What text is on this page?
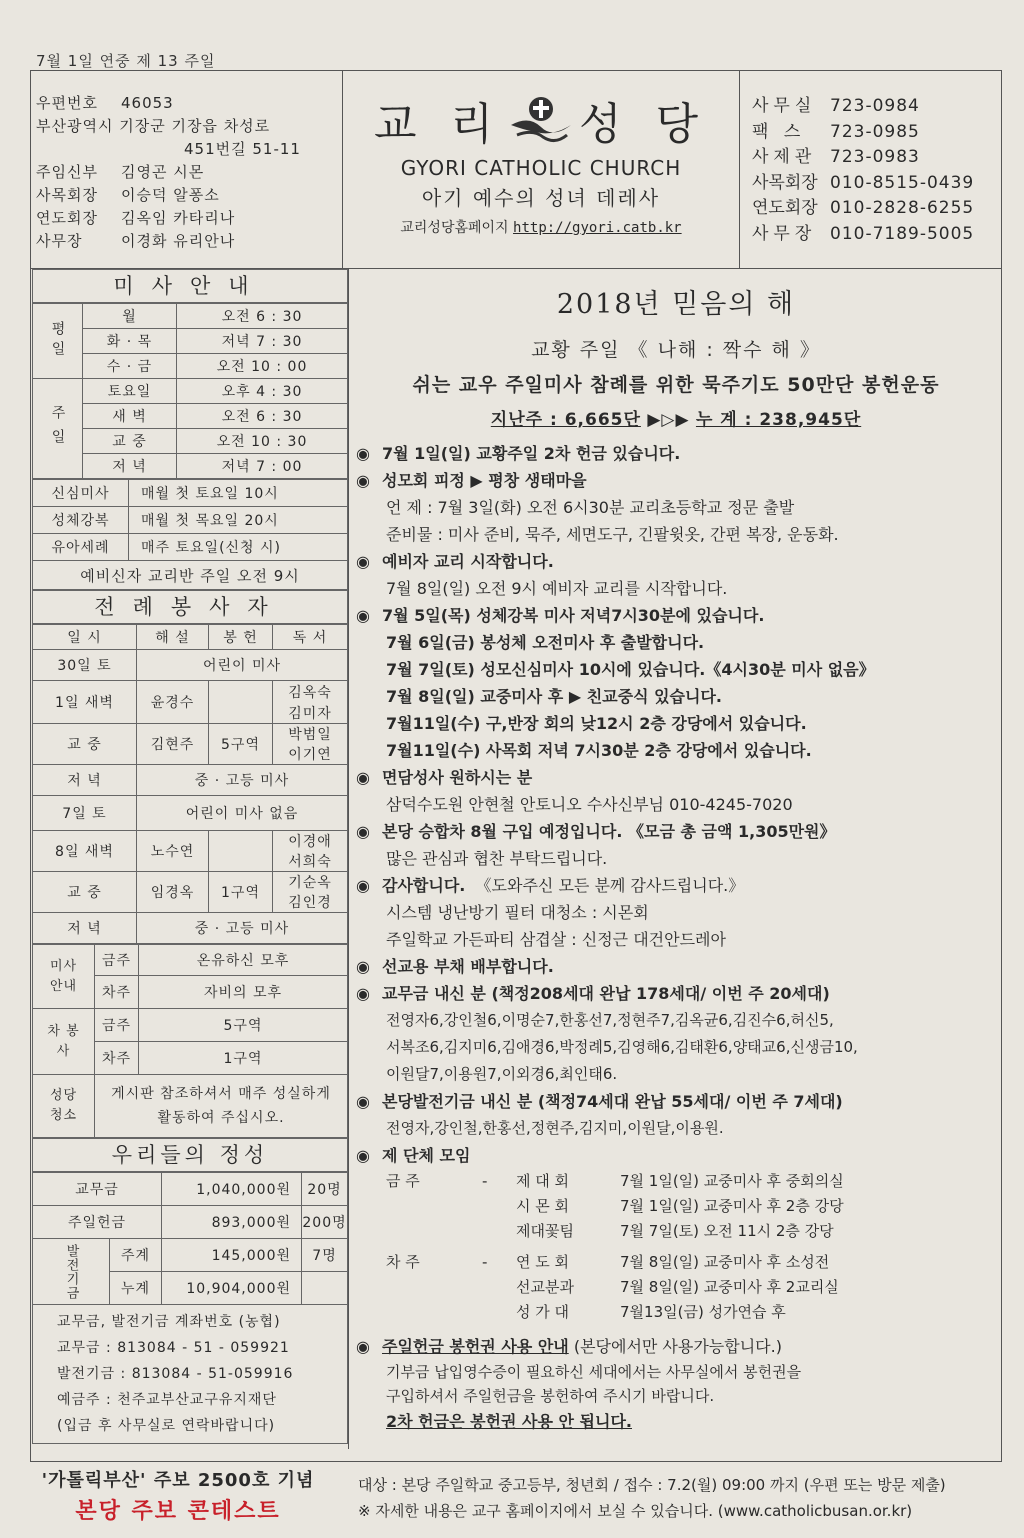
7월 1일 연중 제 13 주일
우편번호	46053
부산광역시 기장군 기장읍 차성로
451번길 51-11
주임신부	김영곤 시몬
사목회장	이승덕 알퐁소
연도회장	김옥임 카타리나
사무장	이경화 유리안나
교 리 성 당
GYORI CATHOLIC CHURCH
아기 예수의 성녀 데레사
교리성당홈페이지 http://gyori.catb.kr
사무실 723-0984
팩 스	723-0985
사제관 723-0983
사목회장 010-8515-0439
연도회장 010-2828-6255
사무장 010-7189-5005
미사안내
평일	월	오전 6 : 30
	화 · 목	저녁 7 : 30
	수 · 금	오전 10 : 00
주일	토요일	오후 4 : 30
	새 벽	오전 6 : 30
	교 중	오전 10 : 30
	저 녁	저녁 7 : 00
신심미사	매월 첫 토요일 10시
성체강복	매월 첫 목요일 20시
유아세례	매주 토요일(신청 시)
예비신자 교리반 주일 오전 9시	
전례봉사자
일 시	해 설	봉 헌	독 서
30일 토	어린이 미사		
1일 새벽	윤경수		김옥숙
			김미자
교 중	김현주	5구역	박범일
			이기연
저 녁	중 · 고등 미사		
7일 토	어린이 미사 없음		
8일 새벽	노수연		이경애
			서희숙
교 중	임경옥	1구역	기순옥
			김인경
저 녁	중 · 고등 미사		
미사 안내	금주	온유하신 모후
	차주	자비의 모후
차 봉사	금주	5구역
	차주	1구역
성당 청소	게시판 참조하셔서 매주 성실하게 활동하여 주십시오.	
우리들의 정성
교무금		1,040,000원	20명
주일헌금		893,000원	200명
발전기금	주계	145,000원	7명
	누계	10,904,000원	

교무금, 발전기금 계좌번호 (농협)
교무금 : 813084 - 51 - 059921
발전기금 : 813084 - 51-059916
예금주 : 천주교부산교구유지재단
(입금 후 사무실로 연락바랍니다)			
2018년 믿음의 해
교황 주일 《 나해 : 짝수 해 》
쉬는 교우 주일미사 참례를 위한 묵주기도 50만단 봉헌운동
지난주 : 6,665단 ▶▷▶ 누 계 : 238,945단
◉ 7월 1일(일) 교황주일 2차 헌금 있습니다.
◉ 성모회 피정 ▶ 평창 생태마을
언 제 : 7월 3일(화) 오전 6시30분 교리초등학교 정문 출발
준비물 : 미사 준비, 묵주, 세면도구, 긴팔윗옷, 간편 복장, 운동화.
◉ 예비자 교리 시작합니다.
7월 8일(일) 오전 9시 예비자 교리를 시작합니다.
◉ 7월 5일(목) 성체강복 미사 저녁7시30분에 있습니다.
7월 6일(금) 봉성체 오전미사 후 출발합니다.
7월 7일(토) 성모신심미사 10시에 있습니다.《4시30분 미사 없음》
7월 8일(일) 교중미사 후 ▶ 친교중식 있습니다.
7월11일(수) 구,반장 회의 낮12시 2층 강당에서 있습니다.
7월11일(수) 사목회 저녁 7시30분 2층 강당에서 있습니다.
◉ 면담성사 원하시는 분
삼덕수도원 안현철 안토니오 수사신부님 010-4245-7020
◉ 본당 승합차 8월 구입 예정입니다. 《모금 총 금액 1,305만원》
많은 관심과 협찬 부탁드립니다.
◉ 감사합니다.
《도와주신 모든 분께 감사드립니다.》
시스템 냉난방기 필터 대청소 : 시몬회
주일학교 가든파티 삼겹살 : 신정근 대건안드레아
◉ 선교용 부채 배부합니다.
◉ 교무금 내신 분 (책정208세대 완납 178세대/ 이번 주 20세대)
전영자6,강인철6,이명순7,한홍선7,정현주7,김옥균6,김진수6,허신5,
서복조6,김지미6,김애경6,박정례5,김영해6,김태환6,양태교6,신생금10,
이원달7,이용원7,이외경6,최인태6.
◉ 본당발전기금 내신 분 (책정74세대 완납 55세대/ 이번 주 7세대)
전영자,강인철,한홍선,정현주,김지미,이원달,이용원.
◉ 제 단체 모임
금 주	-	제 대 회	7월 1일(일) 교중미사 후 중회의실
시 몬 회	7월 1일(일) 교중미사 후 2층 강당
제대꽃팀	7월 7일(토) 오전 11시 2층 강당
차 주	-	연 도 회	7월 8일(일) 교중미사 후 소성전
선교분과	7월 8일(일) 교중미사 후 2교리실
성 가 대	7월13일(금) 성가연습 후
◉ 주일헌금 봉헌권 사용 안내
(본당에서만 사용가능합니다.)
기부금 납입영수증이 필요하신 세대에서는 사무실에서 봉헌권을
구입하셔서 주일헌금을 봉헌하여 주시기 바랍니다.
2차 헌금은 봉헌권 사용 안 됩니다.
'가톨릭부산' 주보 2500호 기념
본당 주보 콘테스트
대상 : 본당 주일학교 중고등부, 청년회 / 접수 : 7.2(월) 09:00 까지 (우편 또는 방문 제출)
※ 자세한 내용은 교구 홈페이지에서 보실 수 있습니다. (www.catholicbusan.or.kr)
